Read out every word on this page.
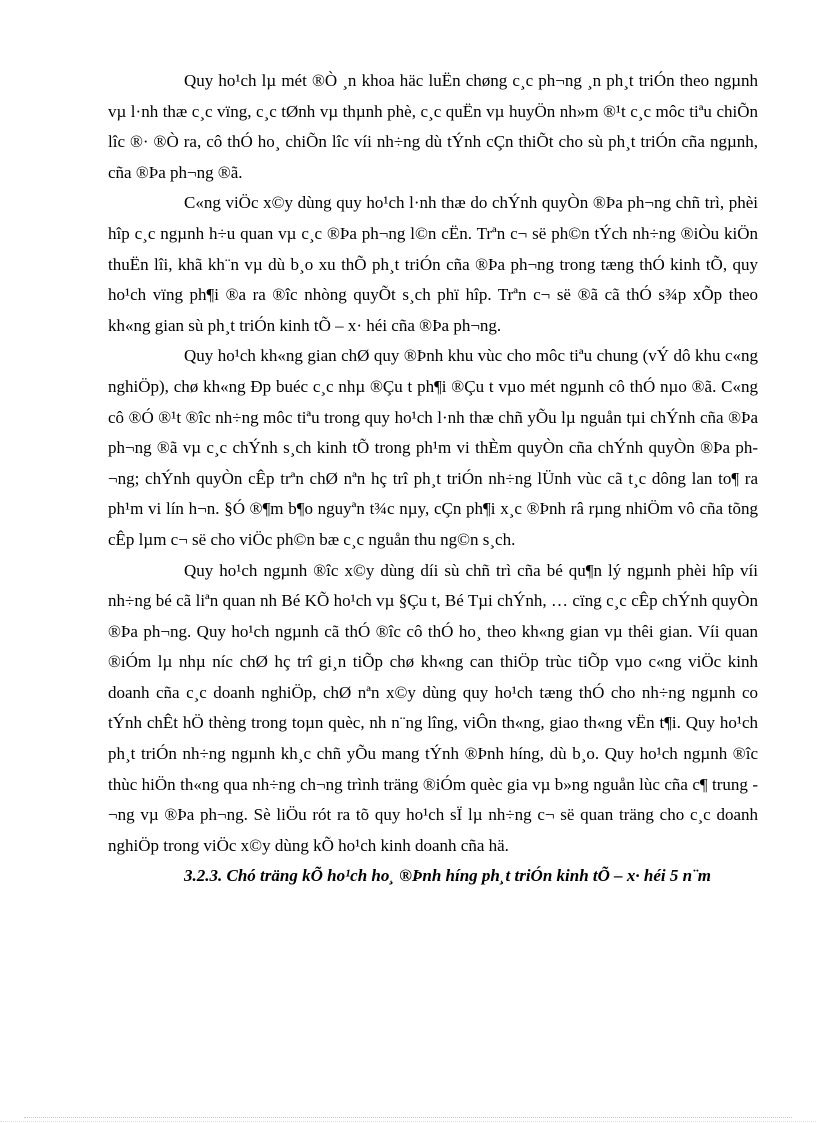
Quy ho¹ch lµ mét ®Ò ¸n khoa häc luËn chøng c¸c ph¬ng ¸n ph¸t triÓn theo ngµnh vµ l·nh thæ c¸c vïng, c¸c tØnh vµ thµnh phè, c¸c quËn vµ huyÖn nh»m ®¹t c¸c môc tiªu chiÕn lîc ®· ®Ò ra, cô thÓ ho¸ chiÕn lîc víi nh÷ng dù tÝnh cÇn thiÕt cho sù ph¸t triÓn cña ngµnh, cña ®Þa ph¬ng ®ã.

C«ng viÖc x©y dùng quy ho¹ch l·nh thæ do chÝnh quyÒn ®Þa ph¬ng chñ trì, phèi hîp c¸c ngµnh h÷u quan vµ c¸c ®Þa ph¬ng l©n cËn. Trªn c¬ së ph©n tÝch nh÷ng ®iÒu kiÖn thuËn lîi, khã kh¨n vµ dù b¸o xu thÕ ph¸t triÓn cña ®Þa ph¬ng trong tæng thÓ kinh tÕ, quy ho¹ch vïng ph¶i ®a ra ®îc nhòng quyÕt s¸ch phï hîp. Trªn c¬ së ®ã cã thÓ s¾p xÕp theo kh«ng gian sù ph¸t triÓn kinh tÕ – x· héi cña ®Þa ph¬ng.

Quy ho¹ch kh«ng gian chØ quy ®Þnh khu vùc cho môc tiªu chung (vÝ dô khu c«ng nghiÖp), chø kh«ng Ðp buéc c¸c nhµ ®Çu t ph¶i ®Çu t vµo mét ngµnh cô thÓ nµo ®ã. C«ng cô ®Ó ®¹t ®îc nh÷ng môc tiªu trong quy ho¹ch l·nh thæ chñ yÕu lµ nguån tµi chÝnh cña ®Þa ph¬ng ®ã vµ c¸c chÝnh s¸ch kinh tÕ trong ph¹m vi thÈm quyÒn cña chÝnh quyÒn ®Þa ph¬ng; chÝnh quyÒn cÊp trªn chØ nªn hç trî ph¸t triÓn nh÷ng lÜnh vùc cã t¸c dông lan to¶ ra ph¹m vi lín h¬n. §Ó ®¶m b¶o nguyªn t¾c nµy, cÇn ph¶i x¸c ®Þnh râ rµng nhiÖm vô cña tõng cÊp lµm c¬ së cho viÖc ph©n bæ c¸c nguån thu ng©n s¸ch.

Quy ho¹ch ngµnh ®îc x©y dùng díi sù chñ trì cña bé qu¶n lý ngµnh phèi hîp víi nh÷ng bé cã liªn quan nh Bé KÕ ho¹ch vµ §Çu t, Bé Tµi chÝnh, … cïng c¸c cÊp chÝnh quyÒn ®Þa ph¬ng. Quy ho¹ch ngµnh cã thÓ ®îc cô thÓ ho¸ theo kh«ng gian vµ thêi gian. Víi quan ®iÓm lµ nhµ níc chØ hç trî gi¸n tiÕp chø kh«ng can thiÖp trùc tiÕp vµo c«ng viÖc kinh doanh cña c¸c doanh nghiÖp, chØ nªn x©y dùng quy ho¹ch tæng thÓ cho nh÷ng ngµnh co tÝnh chÊt hÖ thèng trong toµn quèc, nh n¨ng lîng, viÔn th«ng, giao th«ng vËn t¶i. Quy ho¹ch ph¸t triÓn nh÷ng ngµnh kh¸c chñ yÕu mang tÝnh ®Þnh híng, dù b¸o. Quy ho¹ch ngµnh ®îc thùc hiÖn th«ng qua nh÷ng ch¬ng trình träng ®iÓm quèc gia vµ b»ng nguån lùc cña c¶ trung ¬ng vµ ®Þa ph¬ng. Sè liÖu rót ra tõ quy ho¹ch sÏ lµ nh÷ng c¬ së quan träng cho c¸c doanh nghiÖp trong viÖc x©y dùng kÕ ho¹ch kinh doanh cña hä.

3.2.3. Chó träng kÕ ho¹ch ho¸ ®Þnh híng ph¸t triÓn kinh tÕ – x· héi 5 n¨m
